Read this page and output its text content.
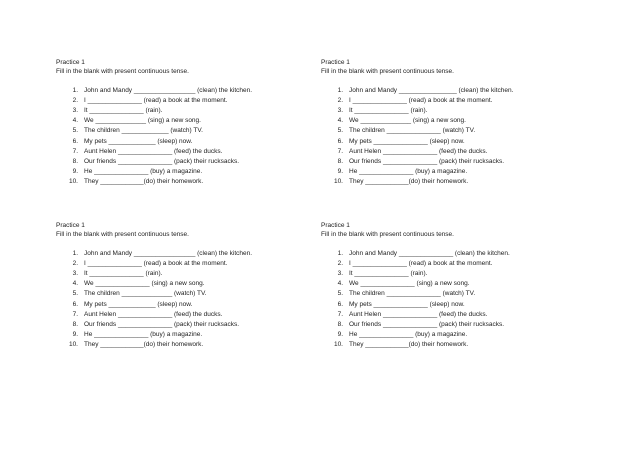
Practice 1
Fill in the blank with present continuous tense.
1. John and Mandy _________________ (clean) the kitchen.
2. I _______________ (read) a book at the moment.
3. It _______________ (rain).
4. We ______________ (sing) a new song.
5. The children _____________ (watch) TV.
6. My pets _____________ (sleep) now.
7. Aunt Helen _______________ (feed) the ducks.
8. Our friends _______________ (pack) their rucksacks.
9. He _______________ (buy) a magazine.
10. They ____________(do) their homework.
Practice 1
Fill in the blank with present continuous tense.
1. John and Mandy ________________ (clean) the kitchen.
2. I _______________ (read) a book at the moment.
3. It _______________ (rain).
4. We ______________ (sing) a new song.
5. The children _______________ (watch) TV.
6. My pets _______________ (sleep) now.
7. Aunt Helen _______________ (feed) the ducks.
8. Our friends _______________ (pack) their rucksacks.
9. He _______________ (buy) a magazine.
10. They ____________(do) their homework.
Practice 1
Fill in the blank with present continuous tense.
1. John and Mandy _________________ (clean) the kitchen.
2. I _______________ (read) a book at the moment.
3. It _______________ (rain).
4. We _______________ (sing) a new song.
5. The children ______________ (watch) TV.
6. My pets _____________ (sleep) now.
7. Aunt Helen _______________ (feed) the ducks.
8. Our friends _______________ (pack) their rucksacks.
9. He _______________ (buy) a magazine.
10. They ____________(do) their homework.
Practice 1
Fill in the blank with present continuous tense.
1. John and Mandy _______________ (clean) the kitchen.
2. I _______________ (read) a book at the moment.
3. It _______________ (rain).
4. We _______________ (sing) a new song.
5. The children _______________ (watch) TV.
6. My pets _______________ (sleep) now.
7. Aunt Helen _______________ (feed) the ducks.
8. Our friends _______________ (pack) their rucksacks.
9. He _______________ (buy) a magazine.
10. They ____________(do) their homework.
